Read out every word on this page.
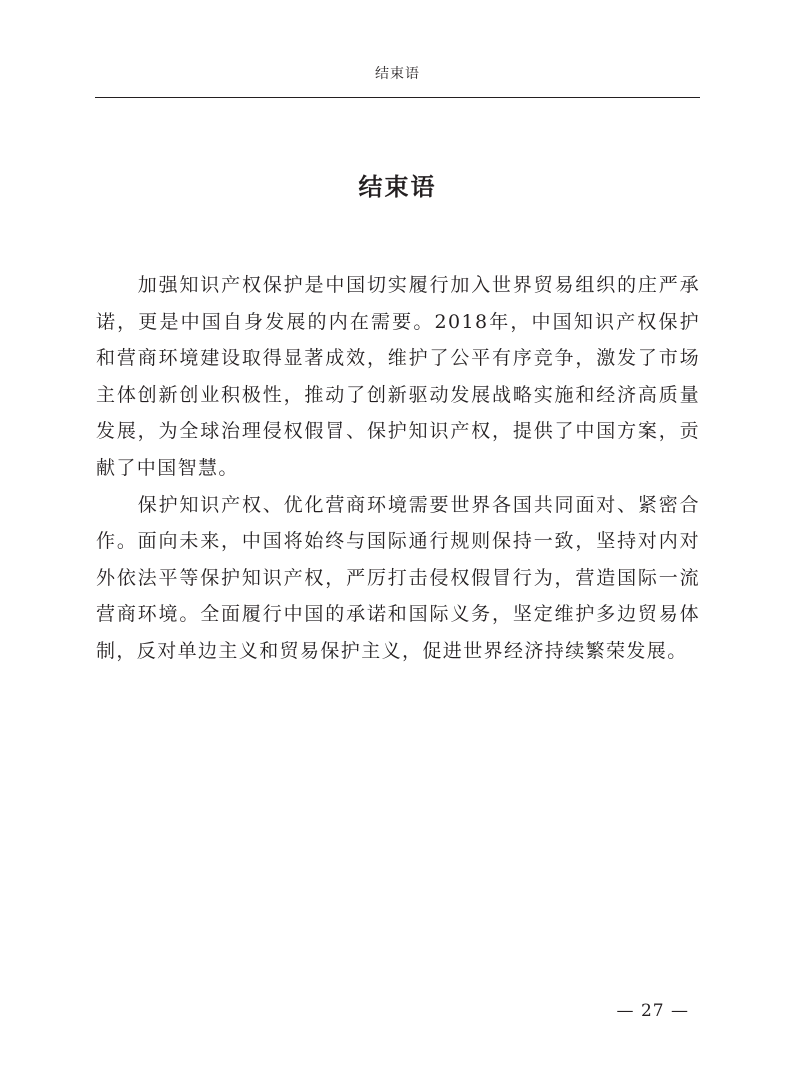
结束语
结束语

加强知识产权保护是中国切实履行加入世界贸易组织的庄严承诺，更是中国自身发展的内在需要。2018年，中国知识产权保护和营商环境建设取得显著成效，维护了公平有序竞争，激发了市场主体创新创业积极性，推动了创新驱动发展战略实施和经济高质量发展，为全球治理侵权假冒、保护知识产权，提供了中国方案，贡献了中国智慧。

保护知识产权、优化营商环境需要世界各国共同面对、紧密合作。面向未来，中国将始终与国际通行规则保持一致，坚持对内对外依法平等保护知识产权，严厉打击侵权假冒行为，营造国际一流营商环境。全面履行中国的承诺和国际义务，坚定维护多边贸易体制，反对单边主义和贸易保护主义，促进世界经济持续繁荣发展。

— 27 —
